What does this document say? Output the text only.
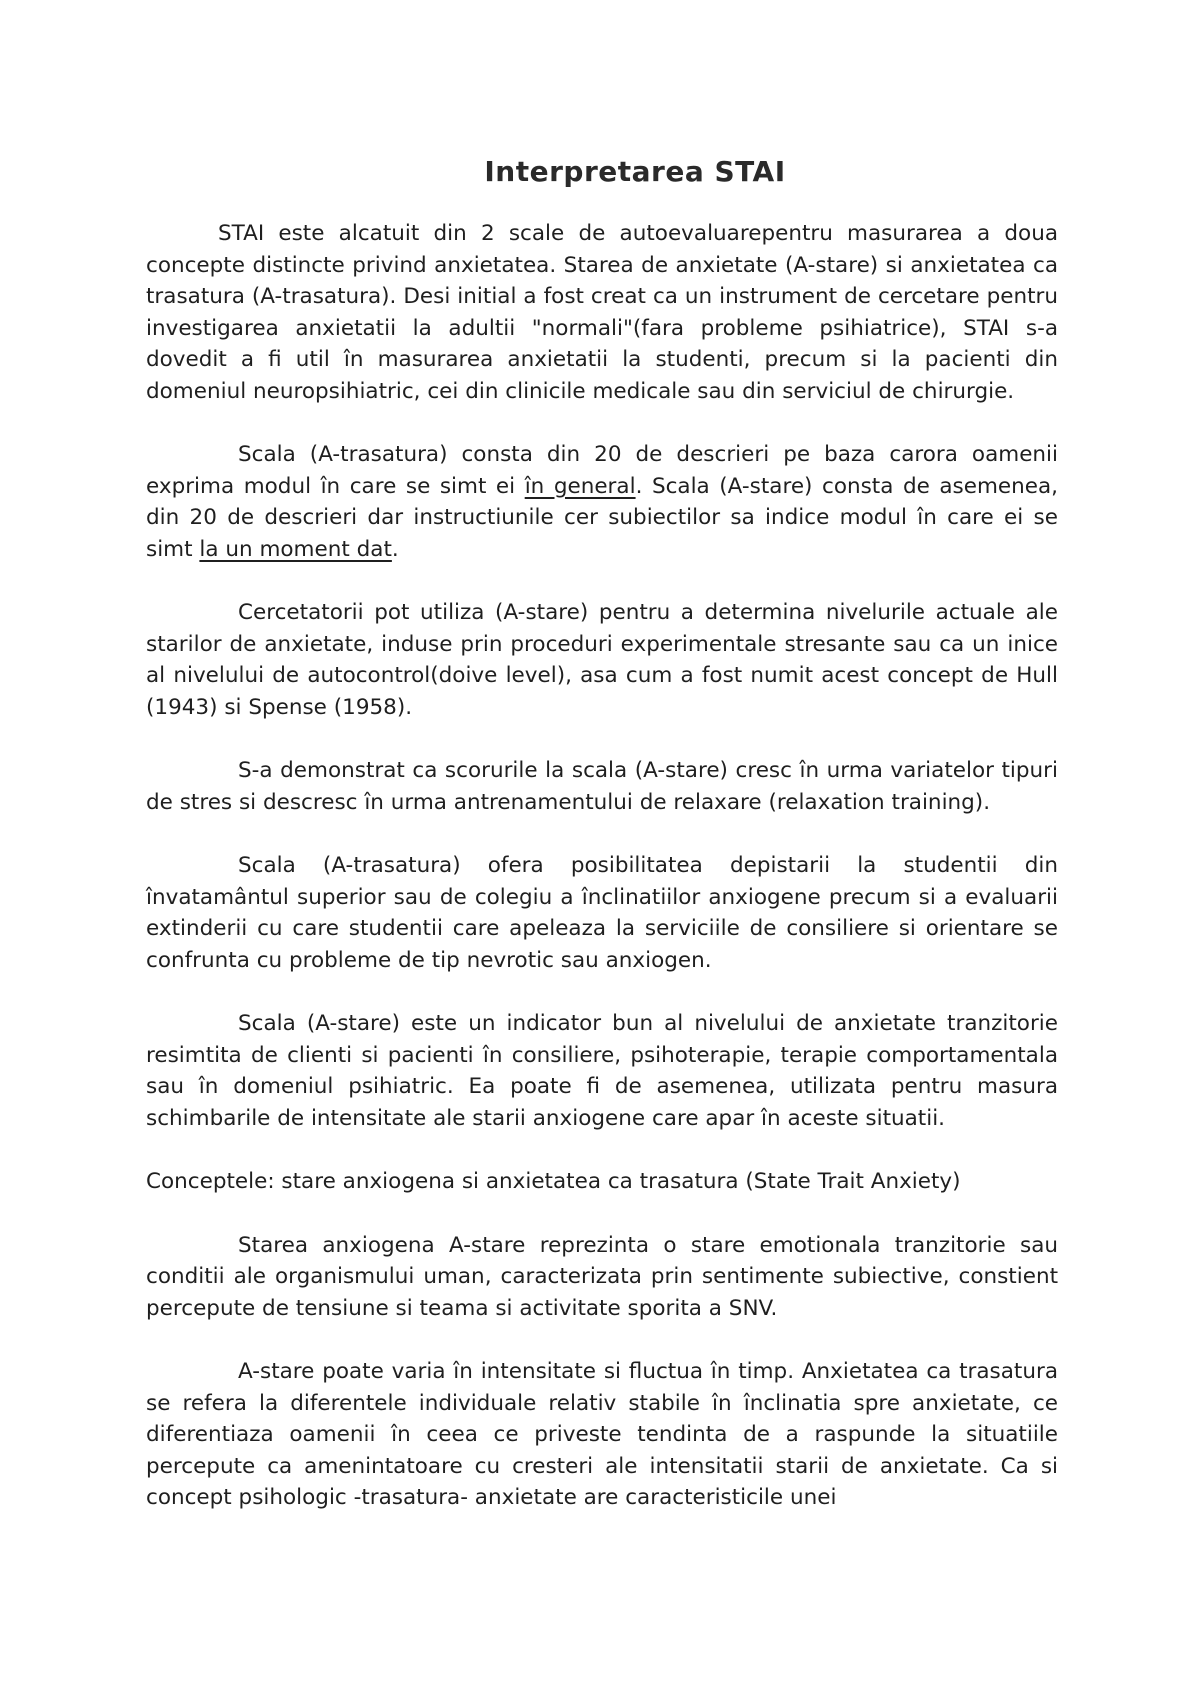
Interpretarea STAI

STAI este alcatuit din 2 scale de autoevaluarepentru masurarea a doua concepte distincte privind anxietatea. Starea de anxietate (A-stare) si anxietatea ca trasatura (A-trasatura). Desi initial a fost creat ca un instrument de cercetare pentru investigarea anxietatii la adultii "normali"(fara probleme psihiatrice), STAI s-a dovedit a fi util în masurarea anxietatii la studenti, precum si la pacienti din domeniul neuropsihiatric, cei din clinicile medicale sau din serviciul de chirurgie.

Scala (A-trasatura) consta din 20 de descrieri pe baza carora oamenii exprima modul în care se simt ei în general. Scala (A-stare) consta de asemenea, din 20 de descrieri dar instructiunile cer subiectilor sa indice modul în care ei se simt la un moment dat.

Cercetatorii pot utiliza (A-stare) pentru a determina nivelurile actuale ale starilor de anxietate, induse prin proceduri experimentale stresante sau ca un inice al nivelului de autocontrol(doive level), asa cum a fost numit acest concept de Hull (1943) si Spense (1958).

S-a demonstrat ca scorurile la scala (A-stare) cresc în urma variatelor tipuri de stres si descresc în urma antrenamentului de relaxare (relaxation training).

Scala (A-trasatura) ofera posibilitatea depistarii la studentii din învatamântul superior sau de colegiu a înclinatiilor anxiogene precum si a evaluarii extinderii cu care studentii care apeleaza la serviciile de consiliere si orientare se confrunta cu probleme de tip nevrotic sau anxiogen.

Scala (A-stare) este un indicator bun al nivelului de anxietate tranzitorie resimtita de clienti si pacienti în consiliere, psihoterapie, terapie comportamentala sau în domeniul psihiatric. Ea poate fi de asemenea, utilizata pentru masura schimbarile de intensitate ale starii anxiogene care apar în aceste situatii.

Conceptele: stare anxiogena si anxietatea ca trasatura (State Trait Anxiety)

Starea anxiogena A-stare reprezinta o stare emotionala tranzitorie sau conditii ale organismului uman, caracterizata prin sentimente subiective, constient percepute de tensiune si teama si activitate sporita a SNV.

A-stare poate varia în intensitate si fluctua în timp. Anxietatea ca trasatura se refera la diferentele individuale relativ stabile în înclinatia spre anxietate, ce diferentiaza oamenii în ceea ce priveste tendinta de a raspunde la situatiile percepute ca amenintatoare cu cresteri ale intensitatii starii de anxietate. Ca si concept psihologic -trasatura- anxietate are caracteristicile unei
